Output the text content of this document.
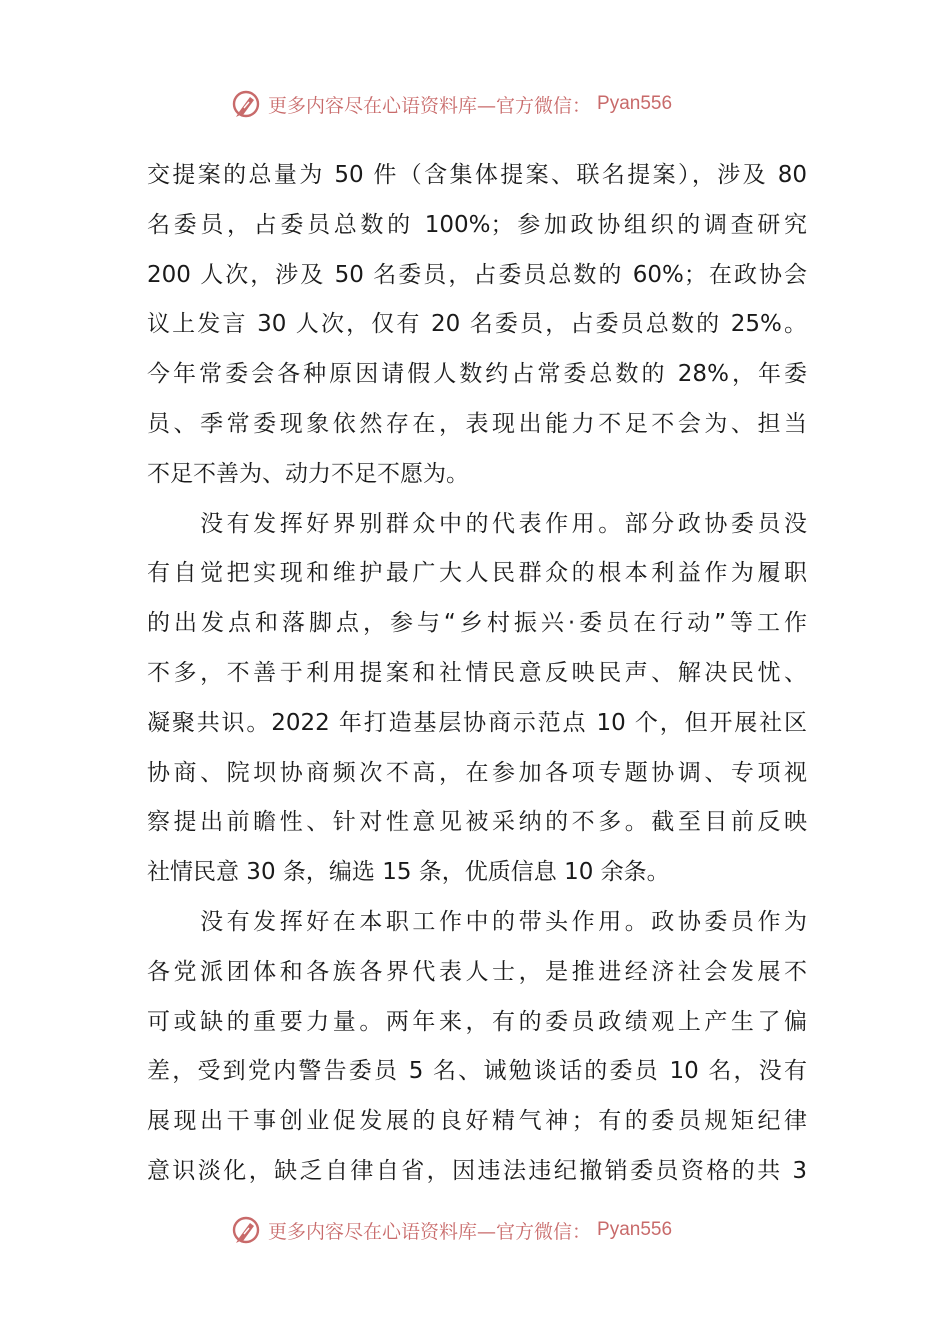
更多内容尽在心语资料库—官方微信： Pyan556
交提案的总量为 50 件（含集体提案、联名提案），涉及 80
名委员，占委员总数的 100%；参加政协组织的调查研究
200 人次，涉及 50 名委员，占委员总数的 60%；在政协会
议上发言 30 人次，仅有 20 名委员，占委员总数的 25%。
今年常委会各种原因请假人数约占常委总数的 28%，年委
员、季常委现象依然存在，表现出能力不足不会为、担当
不足不善为、动力不足不愿为。
　　没有发挥好界别群众中的代表作用。部分政协委员没
有自觉把实现和维护最广大人民群众的根本利益作为履职
的出发点和落脚点，参与“乡村振兴·委员在行动”等工作
不多，不善于利用提案和社情民意反映民声、解决民忧、
凝聚共识。2022 年打造基层协商示范点 10 个，但开展社区
协商、院坝协商频次不高，在参加各项专题协调、专项视
察提出前瞻性、针对性意见被采纳的不多。截至目前反映
社情民意 30 条，编选 15 条，优质信息 10 余条。
　　没有发挥好在本职工作中的带头作用。政协委员作为
各党派团体和各族各界代表人士，是推进经济社会发展不
可或缺的重要力量。两年来，有的委员政绩观上产生了偏
差，受到党内警告委员 5 名、诫勉谈话的委员 10 名，没有
展现出干事创业促发展的良好精气神；有的委员规矩纪律
意识淡化，缺乏自律自省，因违法违纪撤销委员资格的共 3
更多内容尽在心语资料库—官方微信： Pyan556
